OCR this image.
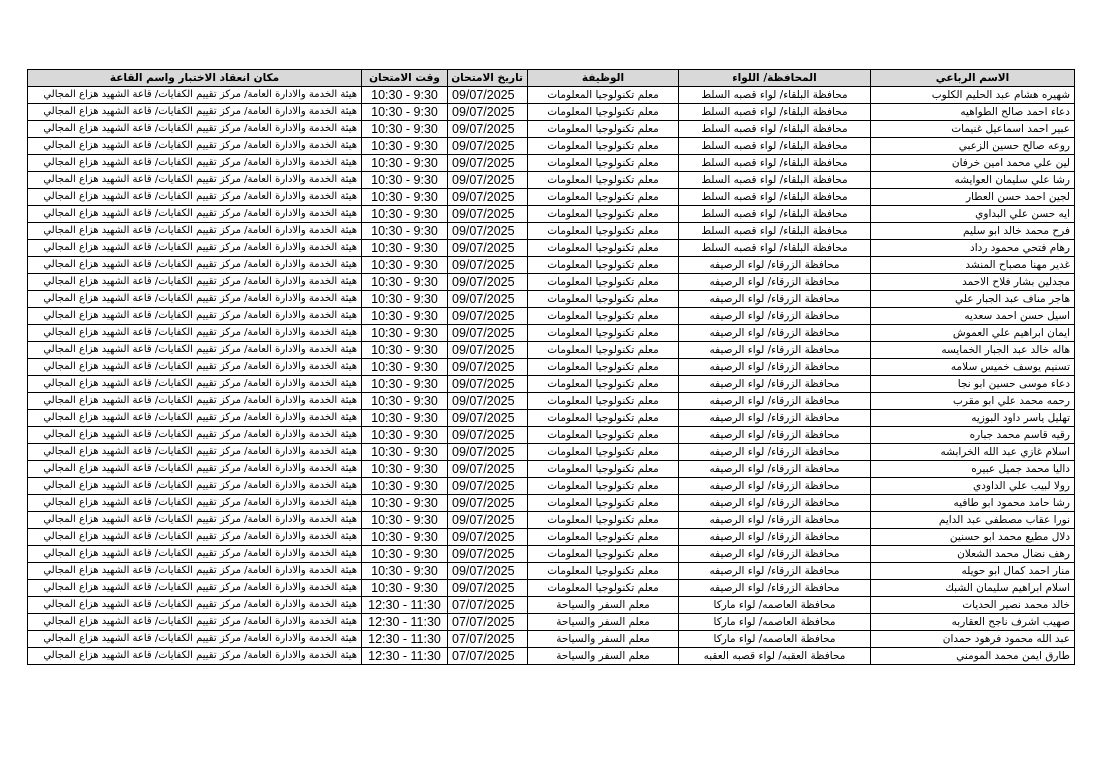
الاسم الرباعي	المحافظة/ اللواء	الوظيفة	تاريخ الامتحان	وقت الامتحان	مكان انعقاد الاختبار واسم القاعة
شهيره هشام عبد الحليم الكلوب	محافظة البلقاء/ لواء قصبه السلط	معلم تكنولوجيا المعلومات	09/07/2025	10:30 - 9:30	هيئة الخدمة والادارة العامة/ مركز تقييم الكفايات/ قاعة الشهيد هزاع المجالي
دعاء احمد صالح الطواهيه	محافظة البلقاء/ لواء قصبه السلط	معلم تكنولوجيا المعلومات	09/07/2025	10:30 - 9:30	هيئة الخدمة والادارة العامة/ مركز تقييم الكفايات/ قاعة الشهيد هزاع المجالي
عبير احمد اسماعيل غنيمات	محافظة البلقاء/ لواء قصبه السلط	معلم تكنولوجيا المعلومات	09/07/2025	10:30 - 9:30	هيئة الخدمة والادارة العامة/ مركز تقييم الكفايات/ قاعة الشهيد هزاع المجالي
روعه صالح حسين الزعبي	محافظة البلقاء/ لواء قصبه السلط	معلم تكنولوجيا المعلومات	09/07/2025	10:30 - 9:30	هيئة الخدمة والادارة العامة/ مركز تقييم الكفايات/ قاعة الشهيد هزاع المجالي
لين علي محمد امين خرفان	محافظة البلقاء/ لواء قصبه السلط	معلم تكنولوجيا المعلومات	09/07/2025	10:30 - 9:30	هيئة الخدمة والادارة العامة/ مركز تقييم الكفايات/ قاعة الشهيد هزاع المجالي
رشا علي سليمان العوايشه	محافظة البلقاء/ لواء قصبه السلط	معلم تكنولوجيا المعلومات	09/07/2025	10:30 - 9:30	هيئة الخدمة والادارة العامة/ مركز تقييم الكفايات/ قاعة الشهيد هزاع المجالي
لجين احمد حسن العطار	محافظة البلقاء/ لواء قصبه السلط	معلم تكنولوجيا المعلومات	09/07/2025	10:30 - 9:30	هيئة الخدمة والادارة العامة/ مركز تقييم الكفايات/ قاعة الشهيد هزاع المجالي
ايه حسن علي البداوي	محافظة البلقاء/ لواء قصبه السلط	معلم تكنولوجيا المعلومات	09/07/2025	10:30 - 9:30	هيئة الخدمة والادارة العامة/ مركز تقييم الكفايات/ قاعة الشهيد هزاع المجالي
فرح محمد خالد ابو سليم	محافظة البلقاء/ لواء قصبه السلط	معلم تكنولوجيا المعلومات	09/07/2025	10:30 - 9:30	هيئة الخدمة والادارة العامة/ مركز تقييم الكفايات/ قاعة الشهيد هزاع المجالي
رهام فتحي محمود رداد	محافظة البلقاء/ لواء قصبه السلط	معلم تكنولوجيا المعلومات	09/07/2025	10:30 - 9:30	هيئة الخدمة والادارة العامة/ مركز تقييم الكفايات/ قاعة الشهيد هزاع المجالي
غدير مهنا مصباح المنشد	محافظة الزرقاء/ لواء الرصيفه	معلم تكنولوجيا المعلومات	09/07/2025	10:30 - 9:30	هيئة الخدمة والادارة العامة/ مركز تقييم الكفايات/ قاعة الشهيد هزاع المجالي
مجدلين بشار فلاح الاحمد	محافظة الزرقاء/ لواء الرصيفه	معلم تكنولوجيا المعلومات	09/07/2025	10:30 - 9:30	هيئة الخدمة والادارة العامة/ مركز تقييم الكفايات/ قاعة الشهيد هزاع المجالي
هاجر مناف عبد الجبار علي	محافظة الزرقاء/ لواء الرصيفه	معلم تكنولوجيا المعلومات	09/07/2025	10:30 - 9:30	هيئة الخدمة والادارة العامة/ مركز تقييم الكفايات/ قاعة الشهيد هزاع المجالي
اسيل حسن احمد سعديه	محافظة الزرقاء/ لواء الرصيفه	معلم تكنولوجيا المعلومات	09/07/2025	10:30 - 9:30	هيئة الخدمة والادارة العامة/ مركز تقييم الكفايات/ قاعة الشهيد هزاع المجالي
ايمان ابراهيم علي العموش	محافظة الزرقاء/ لواء الرصيفه	معلم تكنولوجيا المعلومات	09/07/2025	10:30 - 9:30	هيئة الخدمة والادارة العامة/ مركز تقييم الكفايات/ قاعة الشهيد هزاع المجالي
هاله خالد عبد الجبار الخمايسه	محافظة الزرقاء/ لواء الرصيفه	معلم تكنولوجيا المعلومات	09/07/2025	10:30 - 9:30	هيئة الخدمة والادارة العامة/ مركز تقييم الكفايات/ قاعة الشهيد هزاع المجالي
تسنيم يوسف خميس سلامه	محافظة الزرقاء/ لواء الرصيفه	معلم تكنولوجيا المعلومات	09/07/2025	10:30 - 9:30	هيئة الخدمة والادارة العامة/ مركز تقييم الكفايات/ قاعة الشهيد هزاع المجالي
دعاء موسى حسين ابو نجا	محافظة الزرقاء/ لواء الرصيفه	معلم تكنولوجيا المعلومات	09/07/2025	10:30 - 9:30	هيئة الخدمة والادارة العامة/ مركز تقييم الكفايات/ قاعة الشهيد هزاع المجالي
رحمه محمد علي ابو مقرب	محافظة الزرقاء/ لواء الرصيفه	معلم تكنولوجيا المعلومات	09/07/2025	10:30 - 9:30	هيئة الخدمة والادارة العامة/ مركز تقييم الكفايات/ قاعة الشهيد هزاع المجالي
تهليل ياسر داود البوزيه	محافظة الزرقاء/ لواء الرصيفه	معلم تكنولوجيا المعلومات	09/07/2025	10:30 - 9:30	هيئة الخدمة والادارة العامة/ مركز تقييم الكفايات/ قاعة الشهيد هزاع المجالي
رقيه قاسم محمد جباره	محافظة الزرقاء/ لواء الرصيفه	معلم تكنولوجيا المعلومات	09/07/2025	10:30 - 9:30	هيئة الخدمة والادارة العامة/ مركز تقييم الكفايات/ قاعة الشهيد هزاع المجالي
اسلام غازي عبد الله الخرابشه	محافظة الزرقاء/ لواء الرصيفه	معلم تكنولوجيا المعلومات	09/07/2025	10:30 - 9:30	هيئة الخدمة والادارة العامة/ مركز تقييم الكفايات/ قاعة الشهيد هزاع المجالي
داليا محمد جميل عبيره	محافظة الزرقاء/ لواء الرصيفه	معلم تكنولوجيا المعلومات	09/07/2025	10:30 - 9:30	هيئة الخدمة والادارة العامة/ مركز تقييم الكفايات/ قاعة الشهيد هزاع المجالي
رولا لبيب علي الداودي	محافظة الزرقاء/ لواء الرصيفه	معلم تكنولوجيا المعلومات	09/07/2025	10:30 - 9:30	هيئة الخدمة والادارة العامة/ مركز تقييم الكفايات/ قاعة الشهيد هزاع المجالي
رشا حامد محمود ابو طافيه	محافظة الزرقاء/ لواء الرصيفه	معلم تكنولوجيا المعلومات	09/07/2025	10:30 - 9:30	هيئة الخدمة والادارة العامة/ مركز تقييم الكفايات/ قاعة الشهيد هزاع المجالي
نورا عقاب مصطفى عبد الدايم	محافظة الزرقاء/ لواء الرصيفه	معلم تكنولوجيا المعلومات	09/07/2025	10:30 - 9:30	هيئة الخدمة والادارة العامة/ مركز تقييم الكفايات/ قاعة الشهيد هزاع المجالي
دلال مطيع محمد ابو حسنين	محافظة الزرقاء/ لواء الرصيفه	معلم تكنولوجيا المعلومات	09/07/2025	10:30 - 9:30	هيئة الخدمة والادارة العامة/ مركز تقييم الكفايات/ قاعة الشهيد هزاع المجالي
رهف نضال محمد الشعلان	محافظة الزرقاء/ لواء الرصيفه	معلم تكنولوجيا المعلومات	09/07/2025	10:30 - 9:30	هيئة الخدمة والادارة العامة/ مركز تقييم الكفايات/ قاعة الشهيد هزاع المجالي
منار احمد كمال ابو حويله	محافظة الزرقاء/ لواء الرصيفه	معلم تكنولوجيا المعلومات	09/07/2025	10:30 - 9:30	هيئة الخدمة والادارة العامة/ مركز تقييم الكفايات/ قاعة الشهيد هزاع المجالي
اسلام ابراهيم سليمان الشبك	محافظة الزرقاء/ لواء الرصيفه	معلم تكنولوجيا المعلومات	09/07/2025	10:30 - 9:30	هيئة الخدمة والادارة العامة/ مركز تقييم الكفايات/ قاعة الشهيد هزاع المجالي
خالد محمد نصير الحديات	محافظة العاصمه/ لواء ماركا	معلم السفر والسياحة	07/07/2025	12:30 - 11:30	هيئة الخدمة والادارة العامة/ مركز تقييم الكفايات/ قاعة الشهيد هزاع المجالي
صهيب اشرف ناجح العقاربه	محافظة العاصمه/ لواء ماركا	معلم السفر والسياحة	07/07/2025	12:30 - 11:30	هيئة الخدمة والادارة العامة/ مركز تقييم الكفايات/ قاعة الشهيد هزاع المجالي
عبد الله محمود فرهود حمدان	محافظة العاصمه/ لواء ماركا	معلم السفر والسياحة	07/07/2025	12:30 - 11:30	هيئة الخدمة والادارة العامة/ مركز تقييم الكفايات/ قاعة الشهيد هزاع المجالي
طارق ايمن محمد المومني	محافظة العقبه/ لواء قصبه العقبه	معلم السفر والسياحة	07/07/2025	12:30 - 11:30	هيئة الخدمة والادارة العامة/ مركز تقييم الكفايات/ قاعة الشهيد هزاع المجالي
